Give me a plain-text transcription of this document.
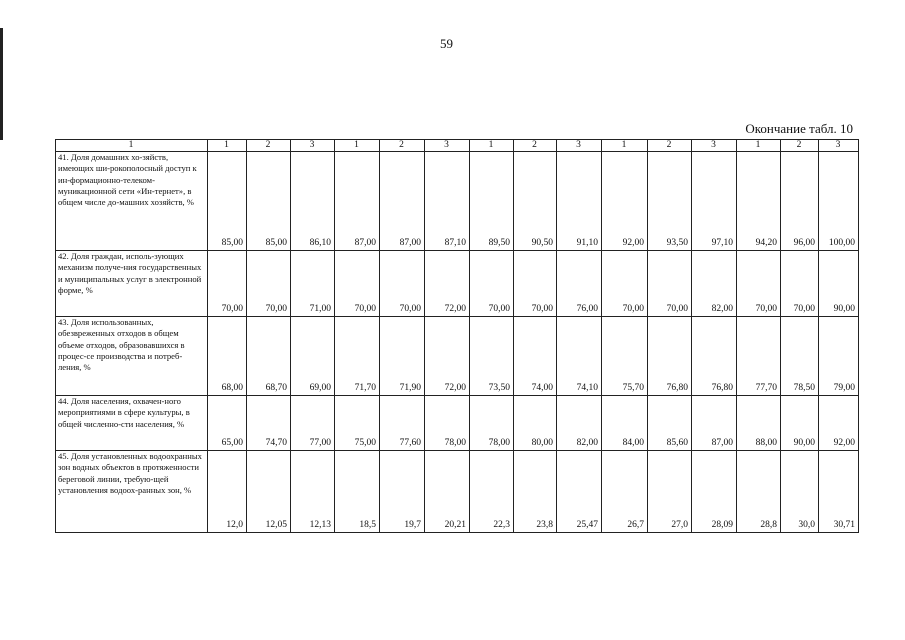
59
Окончание табл. 10
1	1	2	3	1	2	3	1	2	3	1	2	3	1	2	3
41. Доля домашних хо-зяйств, имеющих ши-рокополосный доступ к ин-формационно-телеком-муникационной сети «Ин-тернет», в общем числе до-машних хозяйств, %	85,00	85,00	86,10	87,00	87,00	87,10	89,50	90,50	91,10	92,00	93,50	97,10	94,20	96,00	100,00
42. Доля граждан, исполь-зующих механизм получе-ния государственных и муниципальных услуг в электронной форме, %	70,00	70,00	71,00	70,00	70,00	72,00	70,00	70,00	76,00	70,00	70,00	82,00	70,00	70,00	90,00
43. Доля использованных, обезвреженных отходов в общем объеме отходов, образовавшихся в процес-се производства и потреб-ления, %	68,00	68,70	69,00	71,70	71,90	72,00	73,50	74,00	74,10	75,70	76,80	76,80	77,70	78,50	79,00
44. Доля населения, охвачен-ного мероприятиями в сфере культуры, в общей численно-сти населения, %	65,00	74,70	77,00	75,00	77,60	78,00	78,00	80,00	82,00	84,00	85,60	87,00	88,00	90,00	92,00
45. Доля установленных водоохранных зон водных объектов в протяженности береговой линии, требую-щей установления водоох-ранных зон, %	12,0	12,05	12,13	18,5	19,7	20,21	22,3	23,8	25,47	26,7	27,0	28,09	28,8	30,0	30,71
